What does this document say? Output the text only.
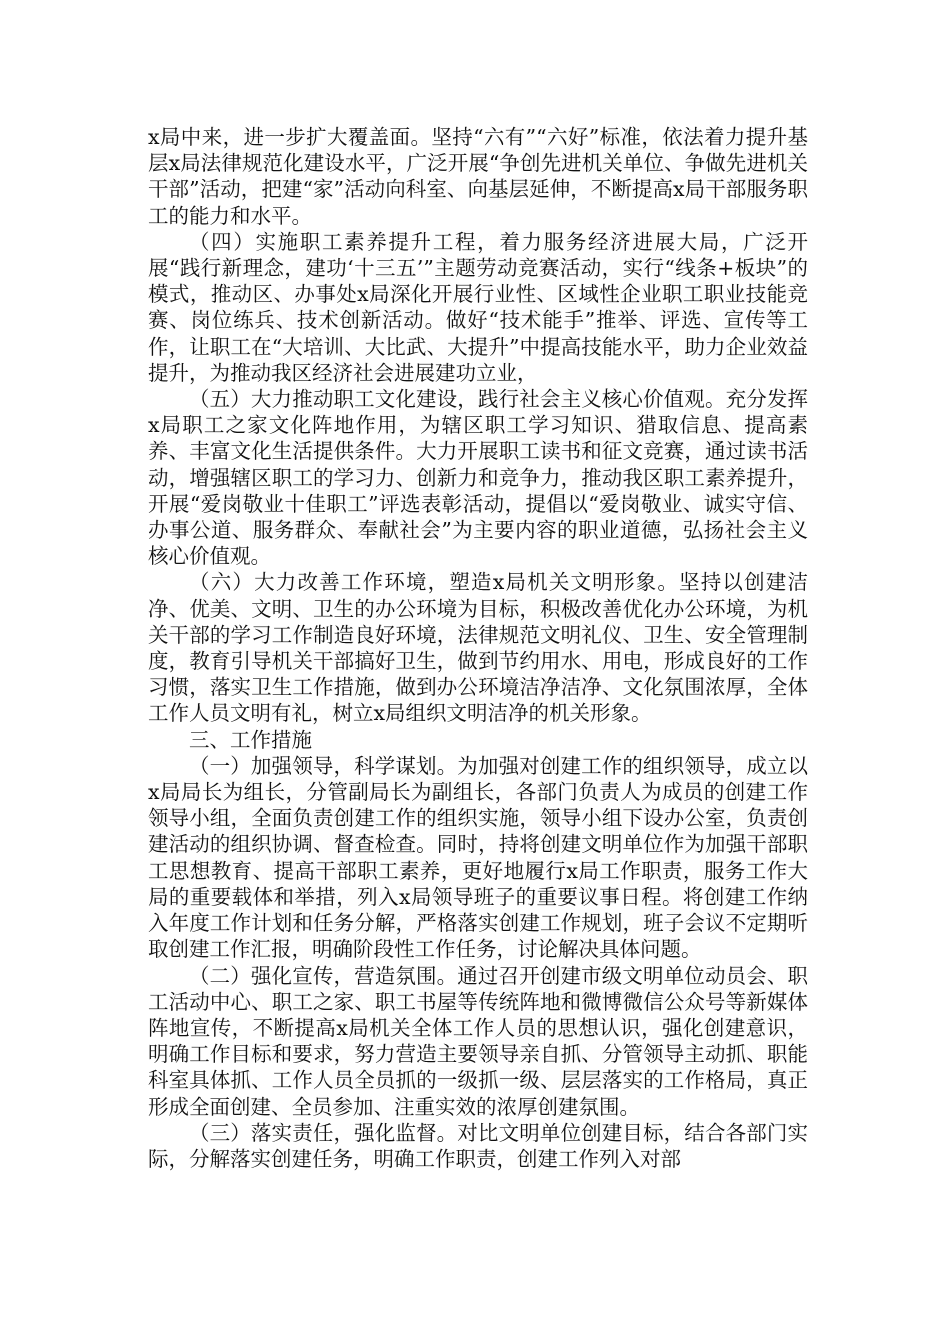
x局中来，进一步扩大覆盖面。坚持“六有”“六好”标准，依法着力提升基层x局法律规范化建设水平，广泛开展“争创先进机关单位、争做先进机关干部”活动，把建“家”活动向科室、向基层延伸，不断提高x局干部服务职工的能力和水平。

（四）实施职工素养提升工程，着力服务经济进展大局，广泛开展“践行新理念，建功‘十三五’”主题劳动竞赛活动，实行“线条+板块”的模式，推动区、办事处x局深化开展行业性、区域性企业职工职业技能竞赛、岗位练兵、技术创新活动。做好“技术能手”推举、评选、宣传等工作，让职工在“大培训、大比武、大提升”中提高技能水平，助力企业效益提升，为推动我区经济社会进展建功立业，

（五）大力推动职工文化建设，践行社会主义核心价值观。充分发挥x局职工之家文化阵地作用，为辖区职工学习知识、猎取信息、提高素养、丰富文化生活提供条件。大力开展职工读书和征文竞赛，通过读书活动，增强辖区职工的学习力、创新力和竞争力，推动我区职工素养提升，开展“爱岗敬业十佳职工”评选表彰活动，提倡以“爱岗敬业、诚实守信、办事公道、服务群众、奉献社会”为主要内容的职业道德，弘扬社会主义核心价值观。

（六）大力改善工作环境，塑造x局机关文明形象。坚持以创建洁净、优美、文明、卫生的办公环境为目标，积极改善优化办公环境，为机关干部的学习工作制造良好环境，法律规范文明礼仪、卫生、安全管理制度，教育引导机关干部搞好卫生，做到节约用水、用电，形成良好的工作习惯，落实卫生工作措施，做到办公环境洁净洁净、文化氛围浓厚，全体工作人员文明有礼，树立x局组织文明洁净的机关形象。

三、工作措施

（一）加强领导，科学谋划。为加强对创建工作的组织领导，成立以x局局长为组长，分管副局长为副组长，各部门负责人为成员的创建工作领导小组，全面负责创建工作的组织实施，领导小组下设办公室，负责创建活动的组织协调、督查检查。同时，持将创建文明单位作为加强干部职工思想教育、提高干部职工素养，更好地履行x局工作职责，服务工作大局的重要载体和举措，列入x局领导班子的重要议事日程。将创建工作纳入年度工作计划和任务分解，严格落实创建工作规划，班子会议不定期听取创建工作汇报，明确阶段性工作任务，讨论解决具体问题。

（二）强化宣传，营造氛围。通过召开创建市级文明单位动员会、职工活动中心、职工之家、职工书屋等传统阵地和微博微信公众号等新媒体阵地宣传，不断提高x局机关全体工作人员的思想认识，强化创建意识，明确工作目标和要求，努力营造主要领导亲自抓、分管领导主动抓、职能科室具体抓、工作人员全员抓的一级抓一级、层层落实的工作格局，真正形成全面创建、全员参加、注重实效的浓厚创建氛围。

（三）落实责任，强化监督。对比文明单位创建目标，结合各部门实际，分解落实创建任务，明确工作职责，创建工作列入对部
